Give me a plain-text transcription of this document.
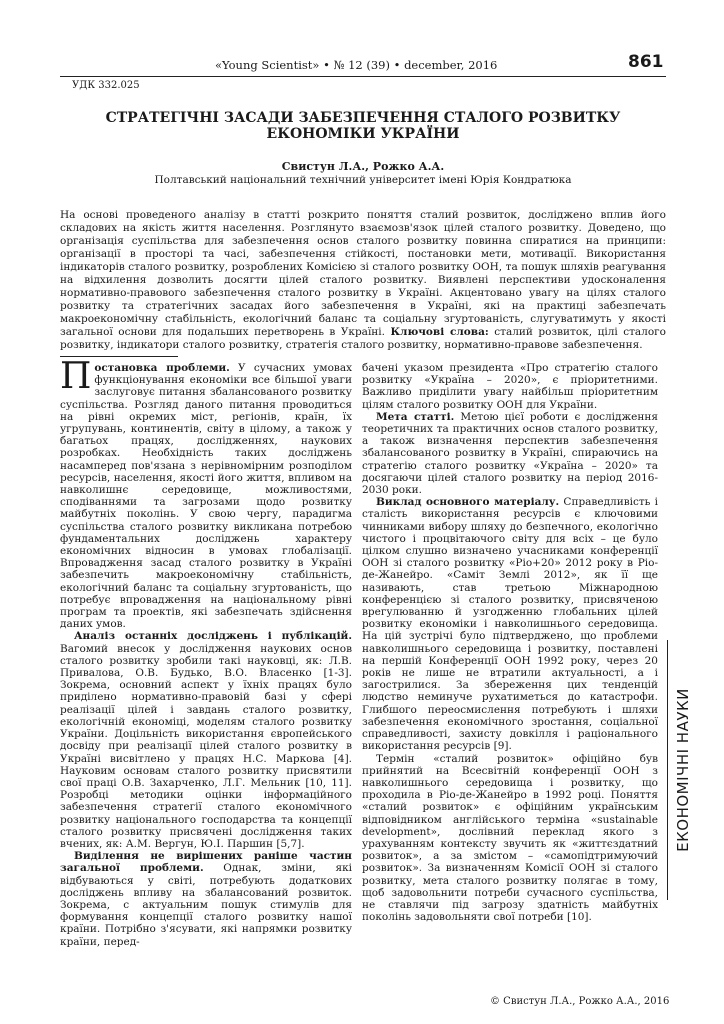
«Young Scientist» • № 12 (39) • december, 2016	861
УДК 332.025
СТРАТЕГІЧНІ ЗАСАДИ ЗАБЕЗПЕЧЕННЯ СТАЛОГО РОЗВИТКУ ЕКОНОМІКИ УКРАЇНИ
Свистун Л.А., Рожко А.А.
Полтавський національний технічний університет імені Юрія Кондратюка
На основі проведеного аналізу в статті розкрито поняття сталий розвиток, досліджено вплив його складових на якість життя населення. Розглянуто взаємозв'язок цілей сталого розвитку. Доведено, що організація суспільства для забезпечення основ сталого розвитку повинна спиратися на принципи: організації в просторі та часі, забезпечення стійкості, постановки мети, мотивації. Використання індикаторів сталого розвитку, розроблених Комісією зі сталого розвитку ООН, та пошук шляхів реагування на відхилення дозволить досягти цілей сталого розвитку. Виявлені перспективи удосконалення нормативно-правового забезпечення сталого розвитку в Україні. Акцентовано увагу на цілях сталого розвитку та стратегічних засадах його забезпечення в Україні, які на практиці забезпечать макроекономічну стабільність, екологічний баланс та соціальну згуртованість, слугуватимуть у якості загальної основи для подальших перетворень в Україні. Ключові слова: сталий розвиток, цілі сталого розвитку, індикатори сталого розвитку, стратегія сталого розвитку, нормативно-правове забезпечення.

Постановка проблеми. У сучасних умовах функціонування економіки все більшої уваги заслуговує питання збалансованого розвитку суспільства. Розгляд даного питання проводиться на рівні окремих міст, регіонів, країн, їх угрупувань, континентів, світу в цілому, а також у багатьох працях, дослідженнях, наукових розробках. Необхідність таких досліджень насамперед пов'язана з нерівномірним розподілом ресурсів, населення, якості його життя, впливом на навколишнє середовище, можливостями, сподіваннями та загрозами щодо розвитку майбутніх поколінь. У свою чергу, парадигма суспільства сталого розвитку викликана потребою фундаментальних досліджень характеру економічних відносин в умовах глобалізації. Впровадження засад сталого розвитку в Україні забезпечить макроекономічну стабільність, екологічний баланс та соціальну згуртованість, що потребує впровадження на національному рівні програм та проектів, які забезпечать здійснення даних умов.

Аналіз останніх досліджень і публікацій. Вагомий внесок у дослідження наукових основ сталого розвитку зробили такі науковці, як: Л.В. Привалова, О.В. Будько, В.О. Власенко [1-3]. Зокрема, основний аспект у їхніх працях було приділено нормативно-правовій базі у сфері реалізації цілей і завдань сталого розвитку, екологічній економіці, моделям сталого розвитку України. Доцільність використання європейського досвіду при реалізації цілей сталого розвитку в Україні висвітлено у працях Н.С. Маркова [4]. Науковим основам сталого розвитку присвятили свої праці О.В. Захарченко, Л.Г. Мельник [10, 11]. Розробці методики оцінки інформаційного забезпечення стратегії сталого економічного розвитку національного господарства та концепції сталого розвитку присвячені дослідження таких вчених, як: А.М. Вергун, Ю.І. Паршин [5,7].

Виділення не вирішених раніше частин загальної проблеми. Однак, зміни, які відбуваються у світі, потребують додаткових досліджень впливу на збалансований розвиток. Зокрема, с актуальним пошук стимулів для формування концепції сталого розвитку нашої країни. Потрібно з'ясувати, які напрямки розвитку країни, перед-

бачені указом президента «Про стратегію сталого розвитку «Україна – 2020», є пріоритетними. Важливо приділити увагу найбільш пріоритетним цілям сталого розвитку ООН для України.

Мета статті. Метою цієї роботи є дослідження теоретичних та практичних основ сталого розвитку, а також визначення перспектив забезпечення збалансованого розвитку в Україні, спираючись на стратегію сталого розвитку «Україна – 2020» та досягаючи цілей сталого розвитку на період 2016-2030 роки.

Виклад основного матеріалу. Справедливість і сталість використання ресурсів є ключовими чинниками вибору шляху до безпечного, екологічно чистого і процвітаючого світу для всіх – це було цілком слушно визначено учасниками конференції ООН зі сталого розвитку «Ріо+20» 2012 року в Ріо-де-Жанейро. «Саміт Землі 2012», як її ще називають, став третьою Міжнародною конференцією зі сталого розвитку, присвяченою врегулюванню й узгодженню глобальних цілей розвитку економіки і навколишнього середовища. На цій зустрічі було підтверджено, що проблеми навколишнього середовища і розвитку, поставлені на першій Конференції ООН 1992 року, через 20 років не лише не втратили актуальності, а і загострилися. За збереження цих тенденцій людство неминуче рухатиметься до катастрофи. Глибшого переосмислення потребують і шляхи забезпечення економічного зростання, соціальної справедливості, захисту довкілля і раціонального використання ресурсів [9].

Термін «сталий розвиток» офіційно був прийнятий на Всесвітній конференції ООН з навколишнього середовища і розвитку, що проходила в Ріо-де-Жанейро в 1992 році. Поняття «сталий розвиток» є офіційним українським відповідником англійського терміна «sustainable development», дослівний переклад якого з урахуванням контексту звучить як «життєздатний розвиток», а за змістом – «самопідтримуючий розвиток». За визначенням Комісії ООН зі сталого розвитку, мета сталого розвитку полягає в тому, щоб задовольнити потреби сучасного суспільства, не ставлячи під загрозу здатність майбутніх поколінь задовольняти свої потреби [10].

ЕКОНОМІЧНІ НАУКИ
© Свистун Л.А., Рожко А.А., 2016
